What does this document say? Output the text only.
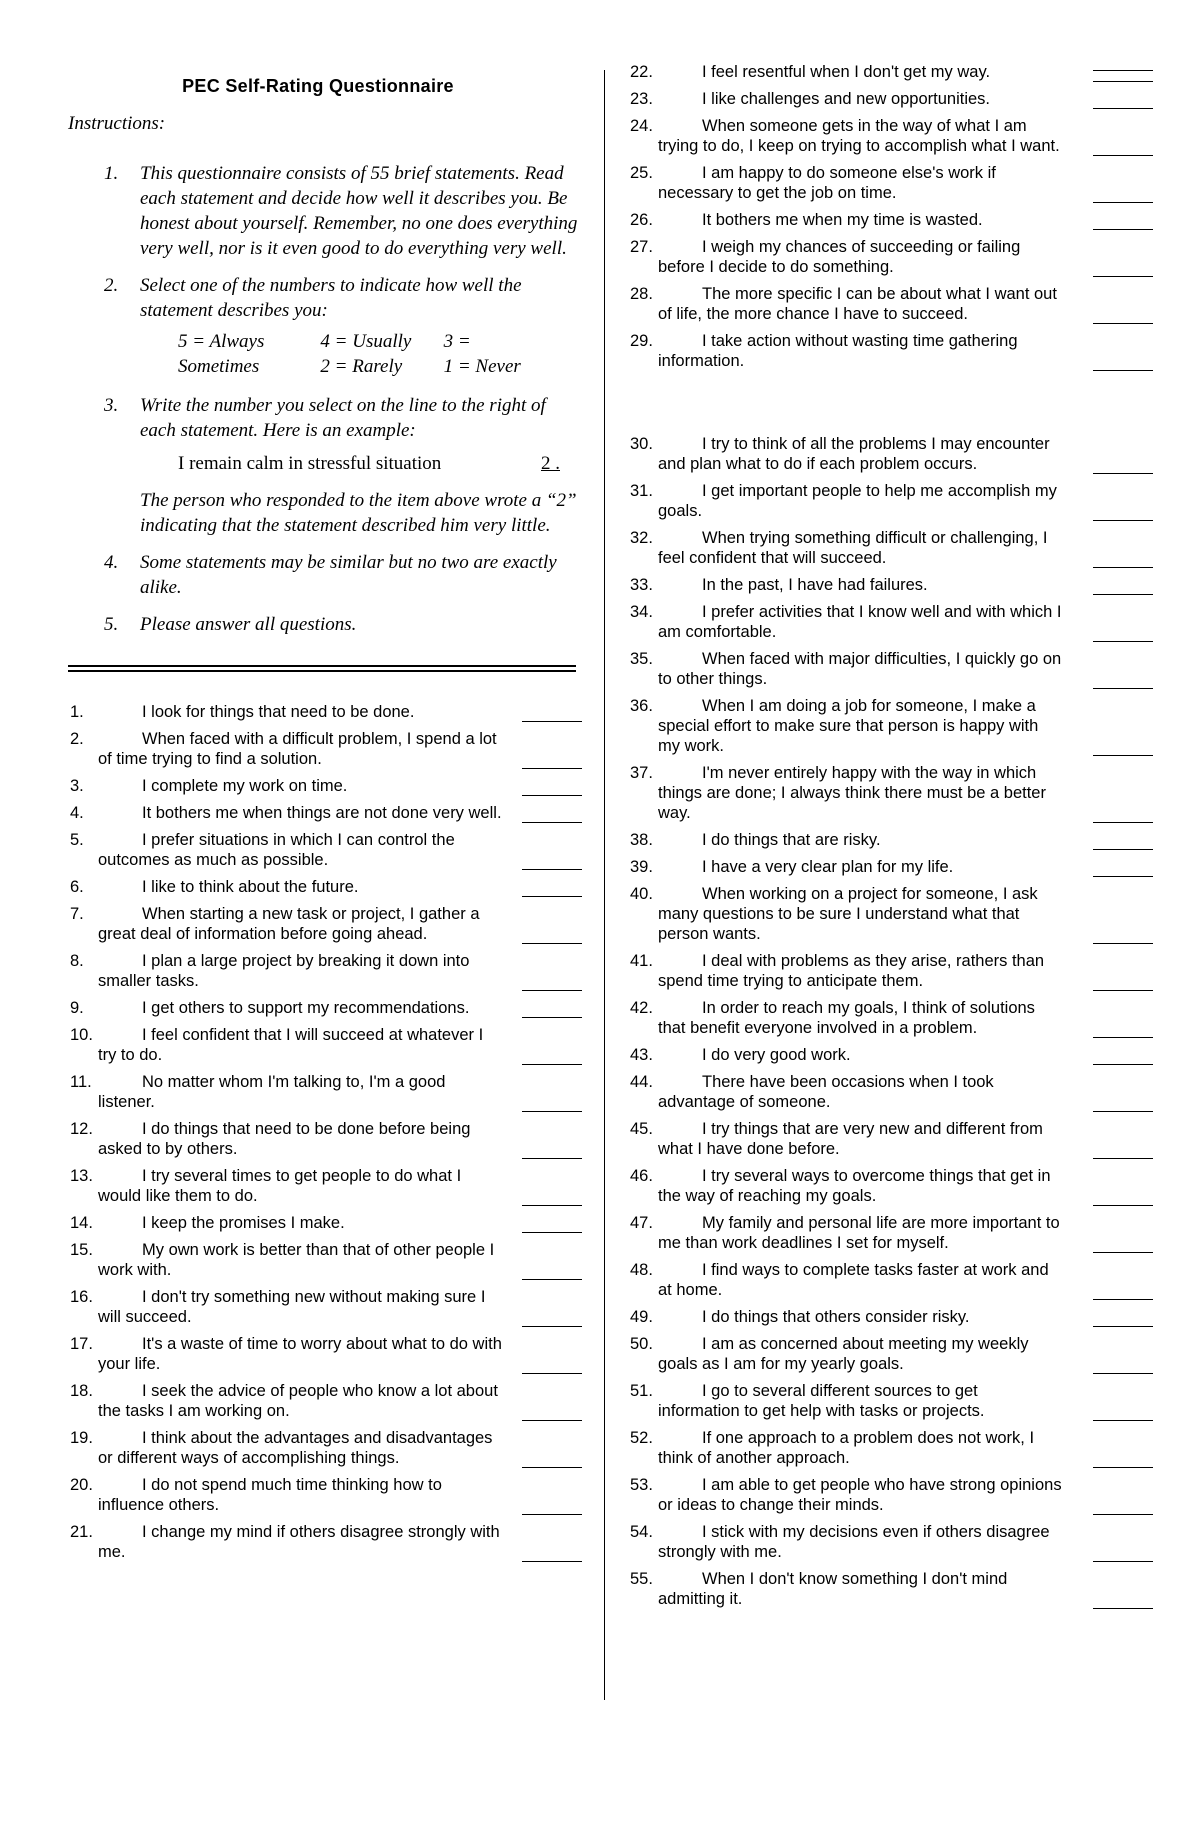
PEC Self-Rating Questionnaire
Instructions:
1. This questionnaire consists of 55 brief statements. Read each statement and decide how well it describes you. Be honest about yourself. Remember, no one does everything very well, nor is it even good to do everything very well.
2. Select one of the numbers to indicate how well the statement describes you:
5 = Always	4 = Usually	3 =
Sometimes	2 = Rarely	1 = Never
3. Write the number you select on the line to the right of each statement. Here is an example:
I remain calm in stressful situation	2 .
The person who responded to the item above wrote a “2” indicating that the statement described him very little.
4. Some statements may be similar but no two are exactly alike.
5. Please answer all questions.
1.	I look for things that need to be done.
2.	When faced with a difficult problem, I spend a lot of time trying to find a solution.
3.	I complete my work on time.
4.	It bothers me when things are not done very well.
5.	I prefer situations in which I can control the outcomes as much as possible.
6.	I like to think about the future.
7.	When starting a new task or project, I gather a great deal of information before going ahead.
8.	I plan a large project by breaking it down into smaller tasks.
9.	I get others to support my recommendations.
10.	I feel confident that I will succeed at whatever I try to do.
11.	No matter whom I'm talking to, I'm a good listener.
12.	I do things that need to be done before being asked to by others.
13.	I try several times to get people to do what I would like them to do.
14.	I keep the promises I make.
15.	My own work is better than that of other people I work with.
16.	I don't try something new without making sure I will succeed.
17.	It's a waste of time to worry about what to do with your life.
18.	I seek the advice of people who know a lot about the tasks I am working on.
19.	I think about the advantages and disadvantages or different ways of accomplishing things.
20.	I do not spend much time thinking how to influence others.
21.	I change my mind if others disagree strongly with me.
22.	I feel resentful when I don't get my way.
23.	I like challenges and new opportunities.
24.	When someone gets in the way of what I am trying to do, I keep on trying to accomplish what I want.
25.	I am happy to do someone else's work if necessary to get the job on time.
26.	It bothers me when my time is wasted.
27.	I weigh my chances of succeeding or failing before I decide to do something.
28.	The more specific I can be about what I want out of life, the more chance I have to succeed.
29.	I take action without wasting time gathering information.
30.	I try to think of all the problems I may encounter and plan what to do if each problem occurs.
31.	I get important people to help me accomplish my goals.
32.	When trying something difficult or challenging, I feel confident that will succeed.
33.	In the past, I have had failures.
34.	I prefer activities that I know well and with which I am comfortable.
35.	When faced with major difficulties, I quickly go on to other things.
36.	When I am doing a job for someone, I make a special effort to make sure that person is happy with my work.
37.	I'm never entirely happy with the way in which things are done; I always think there must be a better way.
38.	I do things that are risky.
39.	I have a very clear plan for my life.
40.	When working on a project for someone, I ask many questions to be sure I understand what that person wants.
41.	I deal with problems as they arise, rathers than spend time trying to anticipate them.
42.	In order to reach my goals, I think of solutions that benefit everyone involved in a problem.
43.	I do very good work.
44.	There have been occasions when I took advantage of someone.
45.	I try things that are very new and different from what I have done before.
46.	I try several ways to overcome things that get in the way of reaching my goals.
47.	My family and personal life are more important to me than work deadlines I set for myself.
48.	I find ways to complete tasks faster at work and at home.
49.	I do things that others consider risky.
50.	I am as concerned about meeting my weekly goals as I am for my yearly goals.
51.	I go to several different sources to get information to get help with tasks or projects.
52.	If one approach to a problem does not work, I think of another approach.
53.	I am able to get people who have strong opinions or ideas to change their minds.
54.	I stick with my decisions even if others disagree strongly with me.
55.	When I don't know something I don't mind admitting it.
